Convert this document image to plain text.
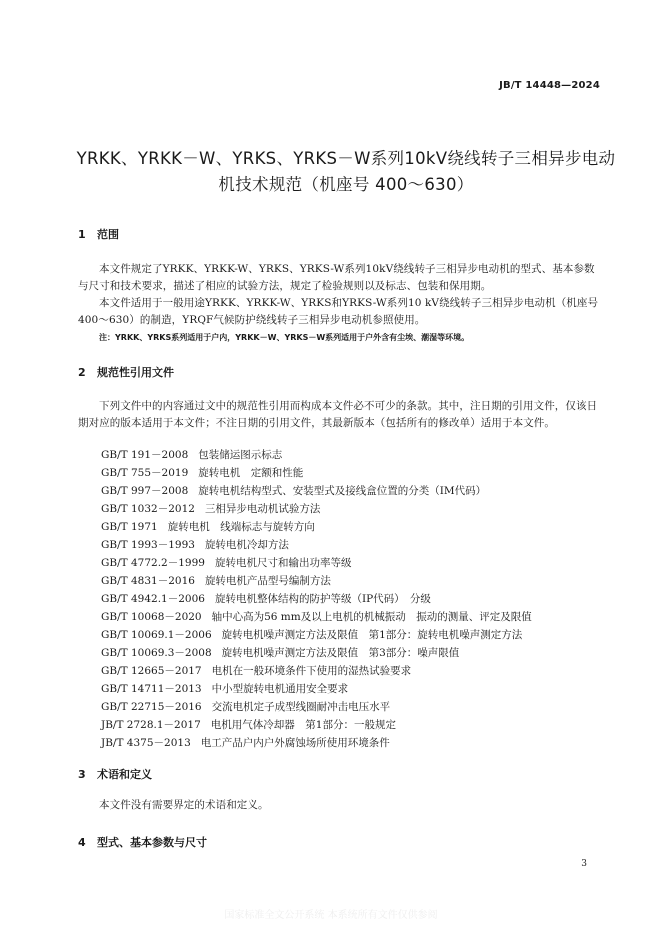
JB/T 14448—2024
YRKK、YRKK－W、YRKS、YRKS－W系列10kV绕线转子三相异步电动
机技术规范（机座号 400～630）
1 范围
本文件规定了YRKK、YRKK-W、YRKS、YRKS-W系列10kV绕线转子三相异步电动机的型式、基本参数与尺寸和技术要求，描述了相应的试验方法，规定了检验规则以及标志、包装和保用期。
本文件适用于一般用途YRKK、YRKK-W、YRKS和YRKS-W系列10 kV绕线转子三相异步电动机（机座号400～630）的制造，YRQF气候防护绕线转子三相异步电动机参照使用。
注：YRKK、YRKS系列适用于户内，YRKK－W、YRKS－W系列适用于户外含有尘埃、潮湿等环境。
2 规范性引用文件
下列文件中的内容通过文中的规范性引用而构成本文件必不可少的条款。其中，注日期的引用文件，仅该日期对应的版本适用于本文件；不注日期的引用文件，其最新版本（包括所有的修改单）适用于本文件。
GB/T 191－2008 包装储运图示标志
GB/T 755－2019 旋转电机　定额和性能
GB/T 997－2008 旋转电机结构型式、安装型式及接线盒位置的分类（IM代码）
GB/T 1032－2012 三相异步电动机试验方法
GB/T 1971 旋转电机　线端标志与旋转方向
GB/T 1993－1993 旋转电机冷却方法
GB/T 4772.2－1999 旋转电机尺寸和输出功率等级
GB/T 4831－2016 旋转电机产品型号编制方法
GB/T 4942.1－2006 旋转电机整体结构的防护等级（IP代码）　分级
GB/T 10068－2020 轴中心高为56 mm及以上电机的机械振动　振动的测量、评定及限值
GB/T 10069.1－2006 旋转电机噪声测定方法及限值　第1部分：旋转电机噪声测定方法
GB/T 10069.3－2008 旋转电机噪声测定方法及限值　第3部分：噪声限值
GB/T 12665－2017 电机在一般环境条件下使用的湿热试验要求
GB/T 14711－2013 中小型旋转电机通用安全要求
GB/T 22715－2016 交流电机定子成型线圈耐冲击电压水平
JB/T 2728.1－2017 电机用气体冷却器　第1部分：一般规定
JB/T 4375－2013 电工产品户内户外腐蚀场所使用环境条件
3 术语和定义
本文件没有需要界定的术语和定义。
4 型式、基本参数与尺寸
3
国家标准全文公开系统 本系统所有文件仅供参阅
